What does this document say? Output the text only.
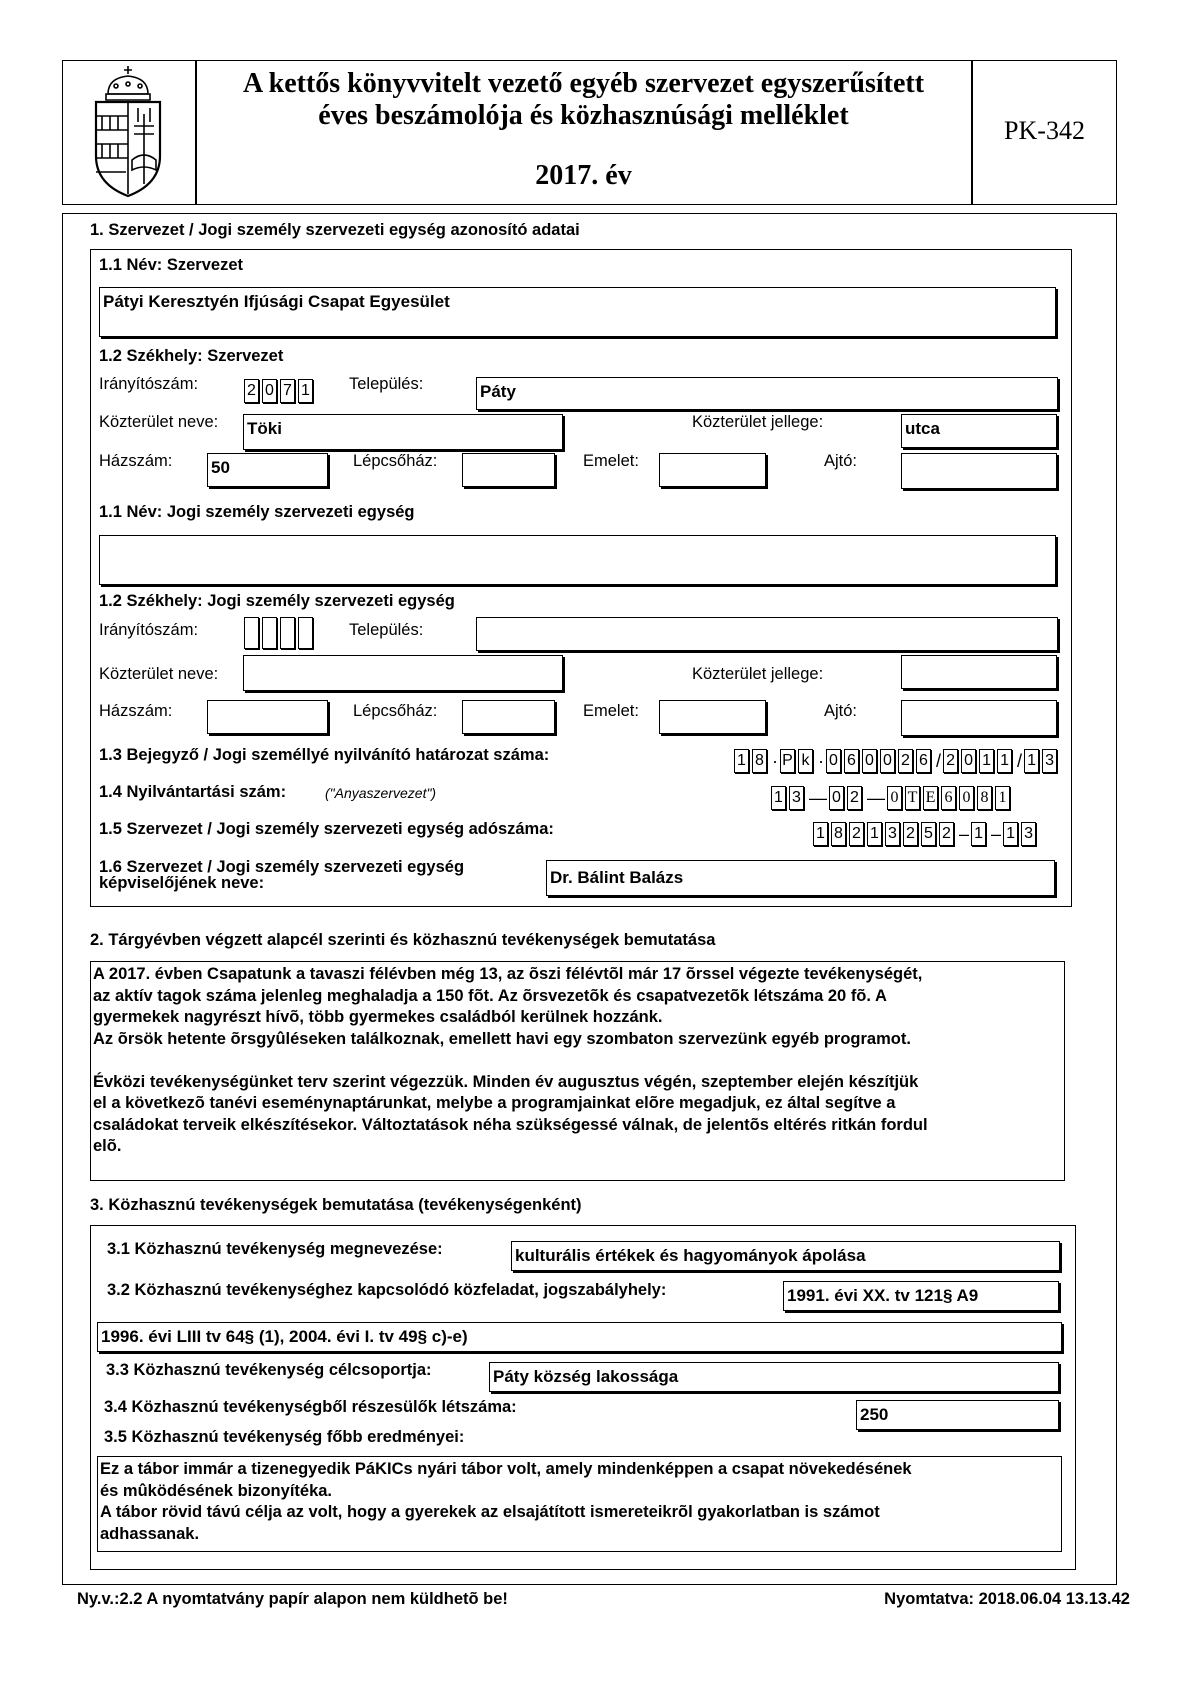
A kettős könyvvitelt vezető egyéb szervezet egyszerűsített
éves beszámolója és közhasznúsági melléklet
2017. év
PK-342
1. Szervezet / Jogi személy szervezeti egység azonosító adatai
1.1 Név: Szervezet
Pátyi Keresztyén Ifjúsági Csapat Egyesület
1.2 Székhely: Szervezet
Irányítószám:	2 0 7 1 Település:	Páty
Közterület neve: Töki	Közterület jellege:	utca
Házszám: 50	Lépcsőház:	Emelet:	Ajtó:
1.1 Név: Jogi személy szervezeti egység
1.2 Székhely: Jogi személy szervezeti egység
Irányítószám:	Település:
Közterület neve:	Közterület jellege:
Házszám:	Lépcsőház:	Emelet:	Ajtó:
1.3 Bejegyző / Jogi személlyé nyilvánító határozat száma:	1 8 · P k · 0 6 0 0 2 6 / 2 0 1 1 / 1 3
1.4 Nyilvántartási szám:	("Anyaszervezet")	1 3 — 0 2 — 0 T E 6 0 8 1
1.5 Szervezet / Jogi személy szervezeti egység adószáma:	1 8 2 1 3 2 5 2 – 1 – 1 3
1.6 Szervezet / Jogi személy szervezeti egység
képviselőjének neve:	Dr. Bálint Balázs
2. Tárgyévben végzett alapcél szerinti és közhasznú tevékenységek bemutatása
A 2017. évben Csapatunk a tavaszi félévben még 13, az õszi félévtõl már 17 õrssel végezte tevékenységét,
az aktív tagok száma jelenleg meghaladja a 150 fõt. Az õrsvezetõk és csapatvezetõk létszáma 20 fõ. A
gyermekek nagyrészt hívõ, több gyermekes családból kerülnek hozzánk.
Az õrsök hetente õrsgyûléseken találkoznak, emellett havi egy szombaton szervezünk egyéb programot.

Évközi tevékenységünket terv szerint végezzük. Minden év augusztus végén, szeptember elején készítjük
el a következõ tanévi eseménynaptárunkat, melybe a programjainkat elõre megadjuk, ez által segítve a
családokat terveik elkészítésekor. Változtatások néha szükségessé válnak, de jelentõs eltérés ritkán fordul
elõ.
3. Közhasznú tevékenységek bemutatása (tevékenységenként)
3.1 Közhasznú tevékenység megnevezése:	kulturális értékek és hagyományok ápolása
3.2 Közhasznú tevékenységhez kapcsolódó közfeladat, jogszabályhely:	1991. évi XX. tv 121§ A9
1996. évi LIII tv 64§ (1), 2004. évi I. tv 49§ c)-e)
3.3 Közhasznú tevékenység célcsoportja:	Páty község lakossága
3.4 Közhasznú tevékenységből részesülők létszáma:	250
3.5 Közhasznú tevékenység főbb eredményei:
Ez a tábor immár a tizenegyedik PáKICs nyári tábor volt, amely mindenképpen a csapat növekedésének
és mûködésének bizonyítéka.
A tábor rövid távú célja az volt, hogy a gyerekek az elsajátított ismereteikrõl gyakorlatban is számot
adhassanak.
Ny.v.:2.2 A nyomtatvány papír alapon nem küldhetõ be!	Nyomtatva: 2018.06.04 13.13.42
